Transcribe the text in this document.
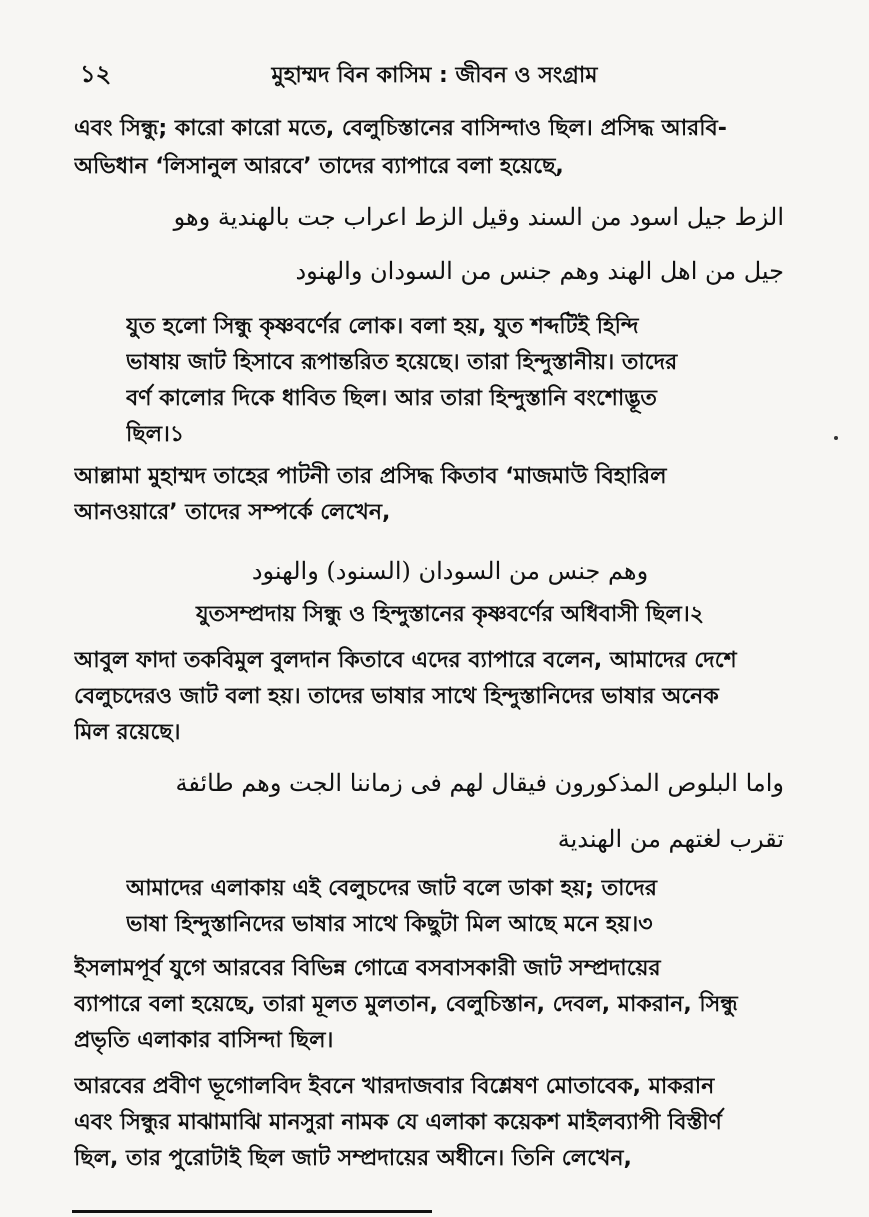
১২	মুহাম্মদ বিন কাসিম : জীবন ও সংগ্রাম
এবং সিন্ধু; কারো কারো মতে, বেলুচিস্তানের বাসিন্দাও ছিল। প্রসিদ্ধ আরবি-
অভিধান ‘লিসানুল আরবে’ তাদের ব্যাপারে বলা হয়েছে,
الزط جيل اسود من السند وقيل الزط اعراب جت بالهندية وهو
جيل من اهل الهند وهم جنس من السودان والهنود
যুত হলো সিন্ধু কৃষ্ণবর্ণের লোক। বলা হয়, যুত শব্দটিই হিন্দি
ভাষায় জাট হিসাবে রূপান্তরিত হয়েছে। তারা হিন্দুস্তানীয়। তাদের
বর্ণ কালোর দিকে ধাবিত ছিল। আর তারা হিন্দুস্তানি বংশোদ্ভূত
ছিল।১
আল্লামা মুহাম্মদ তাহের পাটনী তার প্রসিদ্ধ কিতাব ‘মাজমাউ বিহারিল
আনওয়ারে’ তাদের সম্পর্কে লেখেন,
وهم جنس من السودان (السنود) والهنود
যুতসম্প্রদায় সিন্ধু ও হিন্দুস্তানের কৃষ্ণবর্ণের অধিবাসী ছিল।২
আবুল ফাদা তকবিমুল বুলদান কিতাবে এদের ব্যাপারে বলেন, আমাদের দেশে
বেলুচদেরও জাট বলা হয়। তাদের ভাষার সাথে হিন্দুস্তানিদের ভাষার অনেক
মিল রয়েছে।
واما البلوص المذكورون فيقال لهم فى زماننا الجت وهم طائفة
تقرب لغتهم من الهندية
আমাদের এলাকায় এই বেলুচদের জাট বলে ডাকা হয়; তাদের
ভাষা হিন্দুস্তানিদের ভাষার সাথে কিছুটা মিল আছে মনে হয়।৩
ইসলামপূর্ব যুগে আরবের বিভিন্ন গোত্রে বসবাসকারী জাট সম্প্রদায়ের
ব্যাপারে বলা হয়েছে, তারা মূলত মুলতান, বেলুচিস্তান, দেবল, মাকরান, সিন্ধু
প্রভৃতি এলাকার বাসিন্দা ছিল।
আরবের প্রবীণ ভূগোলবিদ ইবনে খারদাজবার বিশ্লেষণ মোতাবেক, মাকরান
এবং সিন্ধুর মাঝামাঝি মানসুরা নামক যে এলাকা কয়েকশ মাইলব্যাপী বিস্তীর্ণ
ছিল, তার পুরোটাই ছিল জাট সম্প্রদায়ের অধীনে। তিনি লেখেন,
